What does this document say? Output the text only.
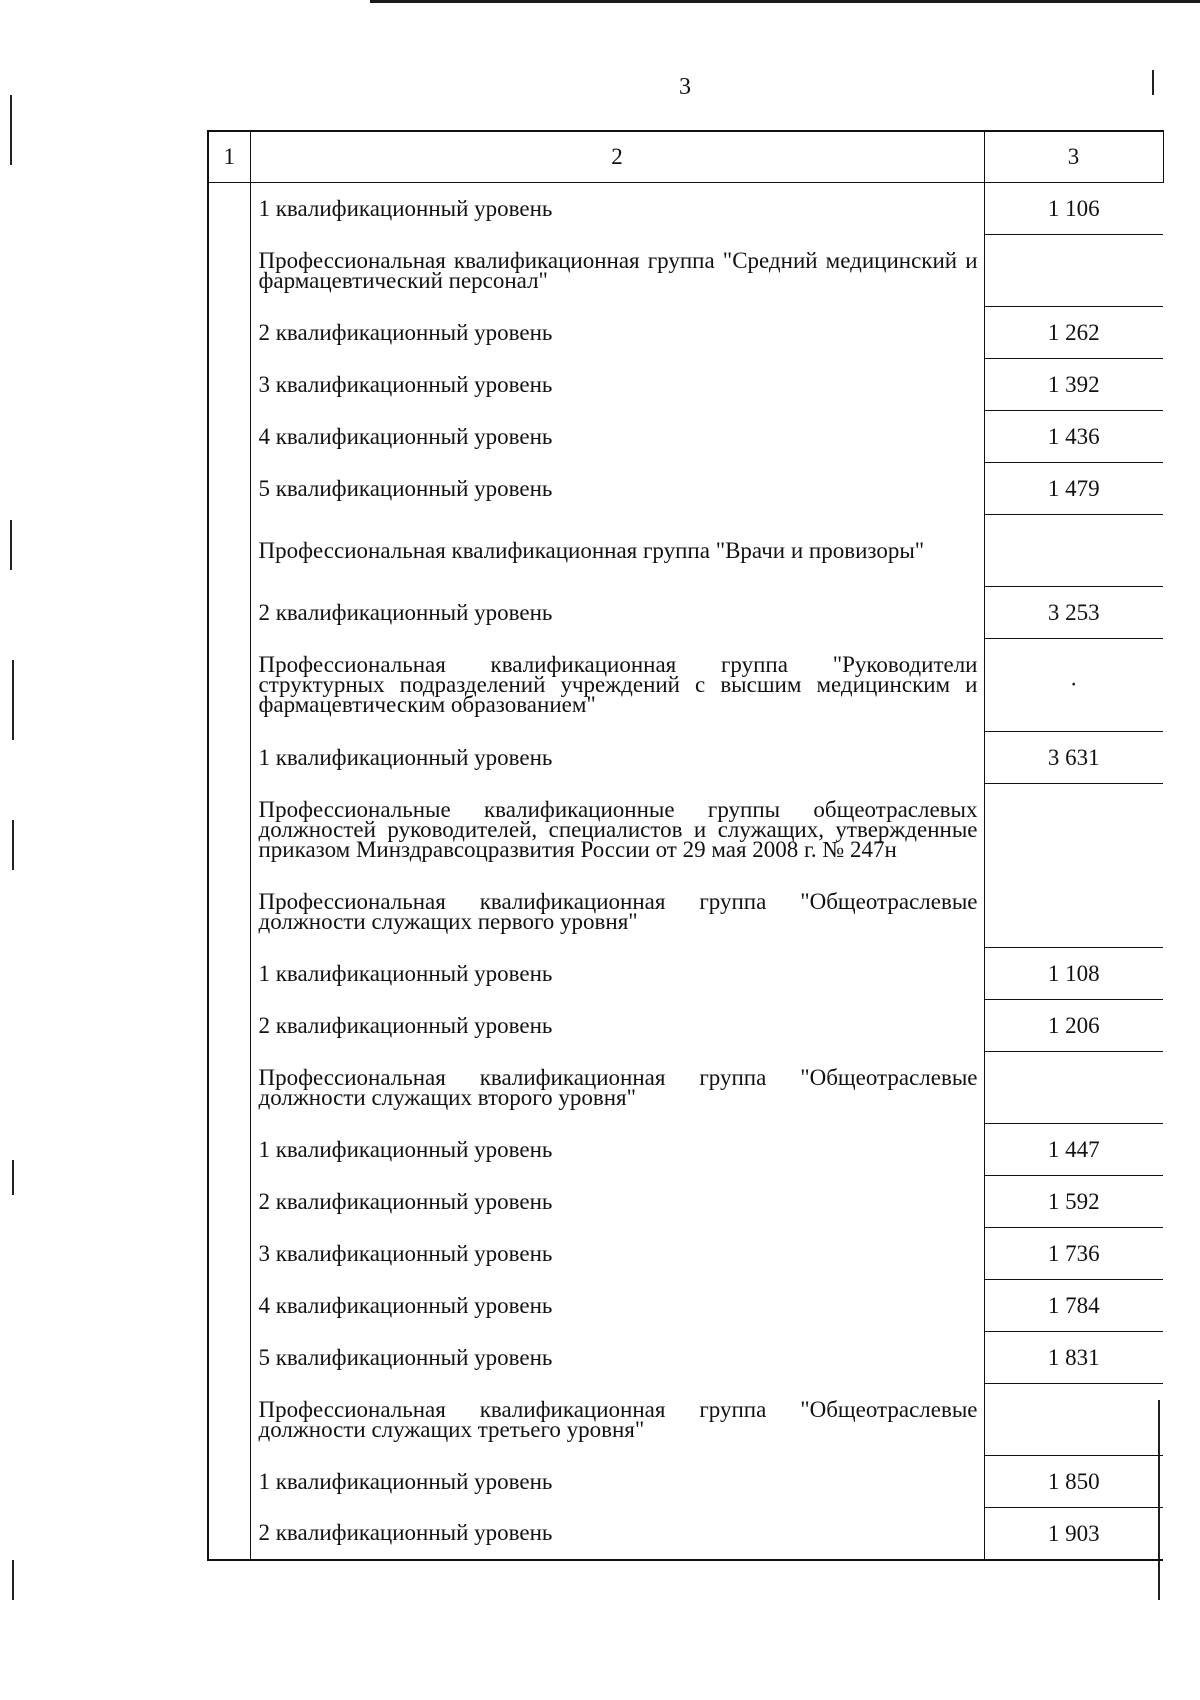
3
1	2	3
	1 квалификационный уровень	1 106
	Профессиональная квалификационная группа "Средний медицинский и фармацевтический персонал"	
	2 квалификационный уровень	1 262
	3 квалификационный уровень	1 392
	4 квалификационный уровень	1 436
	5 квалификационный уровень	1 479
	Профессиональная квалификационная группа "Врачи и провизоры"	
	2 квалификационный уровень	3 253
	Профессиональная квалификационная группа "Руководители структурных подразделений учреждений с высшим медицинским и фармацевтическим образованием"	·
	1 квалификационный уровень	3 631
	Профессиональные квалификационные группы общеотраслевых должностей руководителей, специалистов и служащих, утвержденные приказом Минздравсоцразвития России от 29 мая 2008 г. № 247н	
	Профессиональная квалификационная группа "Общеотраслевые должности служащих первого уровня"	
	1 квалификационный уровень	1 108
	2 квалификационный уровень	1 206
	Профессиональная квалификационная группа "Общеотраслевые должности служащих второго уровня"	
	1 квалификационный уровень	1 447
	2 квалификационный уровень	1 592
	3 квалификационный уровень	1 736
	4 квалификационный уровень	1 784
	5 квалификационный уровень	1 831
	Профессиональная квалификационная группа "Общеотраслевые должности служащих третьего уровня"	
	1 квалификационный уровень	1 850
	2 квалификационный уровень	1 903
